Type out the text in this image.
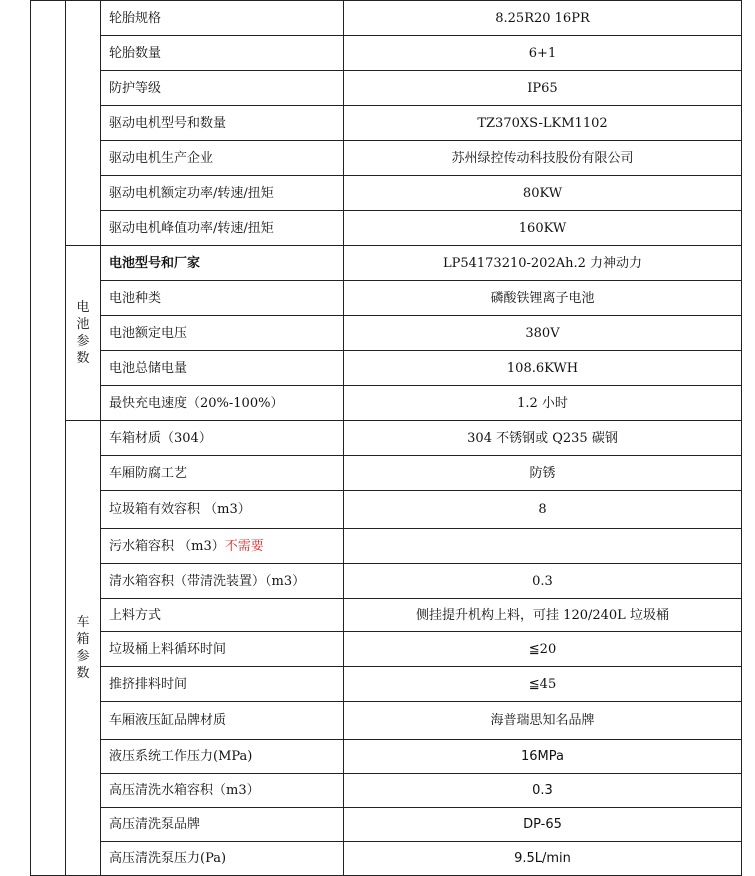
		轮胎规格	8.25R20 16PR
		轮胎数量	6+1
		防护等级	IP65
		驱动电机型号和数量	TZ370XS-LKM1102
		驱动电机生产企业	苏州绿控传动科技股份有限公司
		驱动电机额定功率/转速/扭矩	80KW
		驱动电机峰值功率/转速/扭矩	160KW

	电
池
参
数	电池型号和厂家	LP54173210-202Ah.2 力神动力
		电池种类	磷酸铁锂离子电池
		电池额定电压	380V
		电池总储电量	108.6KWH
		最快充电速度（20%-100%）	1.2 小时

	车
箱
参
数	车箱材质（304）	304 不锈钢或 Q235 碳钢
		车厢防腐工艺	防锈
		垃圾箱有效容积 （m3）	8
		污水箱容积 （m3）不需要	
		清水箱容积（带清洗装置）（m3）	0.3
		上料方式	侧挂提升机构上料，可挂 120/240L 垃圾桶
		垃圾桶上料循环时间	≦20
		推挤排料时间	≦45
		车厢液压缸品牌材质	海普瑞思知名品牌
		液压系统工作压力(MPa)	16MPa
		高压清洗水箱容积（m3）	0.3
		高压清洗泵品牌	DP-65
		高压清洗泵压力(Pa)	9.5L/min
